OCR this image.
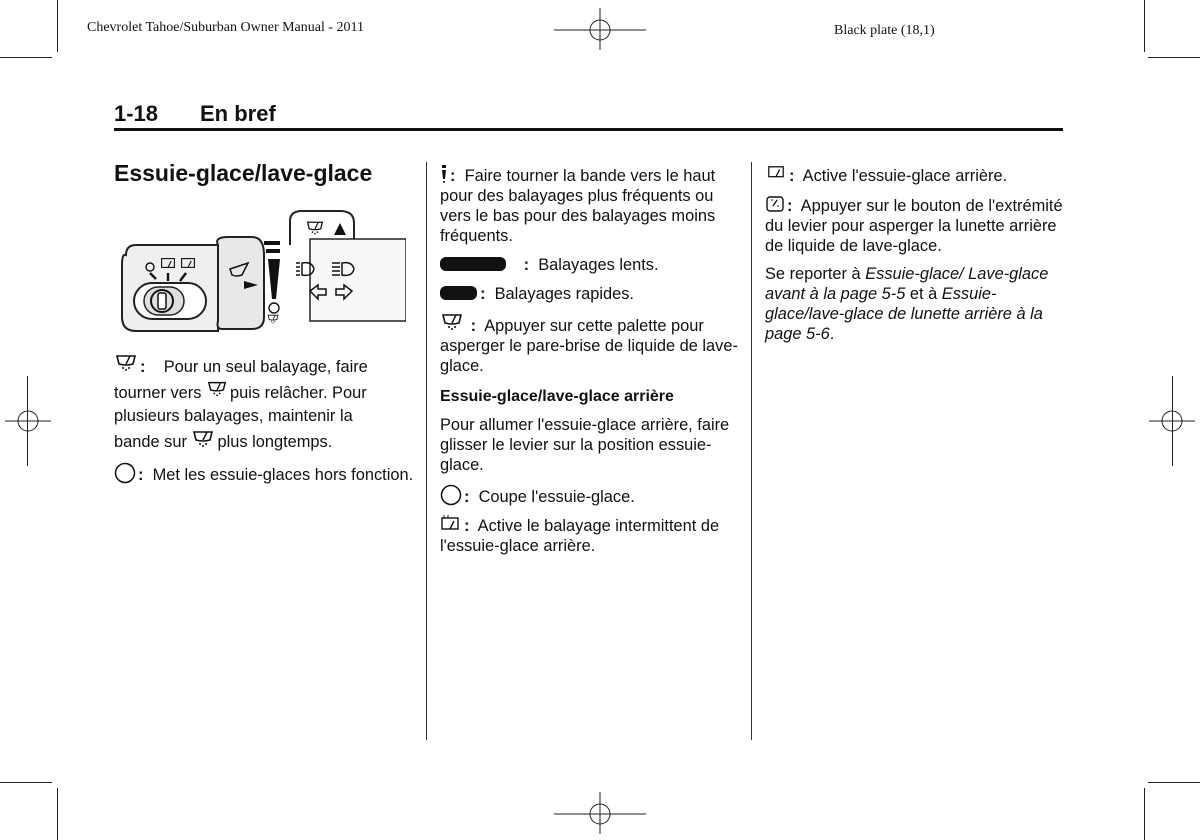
Chevrolet Tahoe/Suburban Owner Manual - 2011	Black plate (18,1)
1-18 En bref
Essuie-glace/lave-glace

: Pour un seul balayage, faire
tourner vers puis relâcher. Pour
plusieurs balayages, maintenir la
bande sur plus longtemps.

: Met les essuie-glaces hors fonction.

: Faire tourner la bande vers le haut pour des balayages plus fréquents ou vers le bas pour des balayages moins fréquents.

: Balayages lents.

: Balayages rapides.

: Appuyer sur cette palette pour asperger le pare-brise de liquide de lave-glace.

Essuie-glace/lave-glace arrière

Pour allumer l'essuie-glace arrière, faire glisser le levier sur la position essuie-glace.

: Coupe l'essuie-glace.

: Active le balayage intermittent de l'essuie-glace arrière.

: Active l'essuie-glace arrière.

: Appuyer sur le bouton de l'extrémité du levier pour asperger la lunette arrière de liquide de lave-glace.

Se reporter à Essuie-glace/ Lave-glace avant à la page 5-5 et à Essuie-glace/lave-glace de lunette arrière à la page 5-6.
